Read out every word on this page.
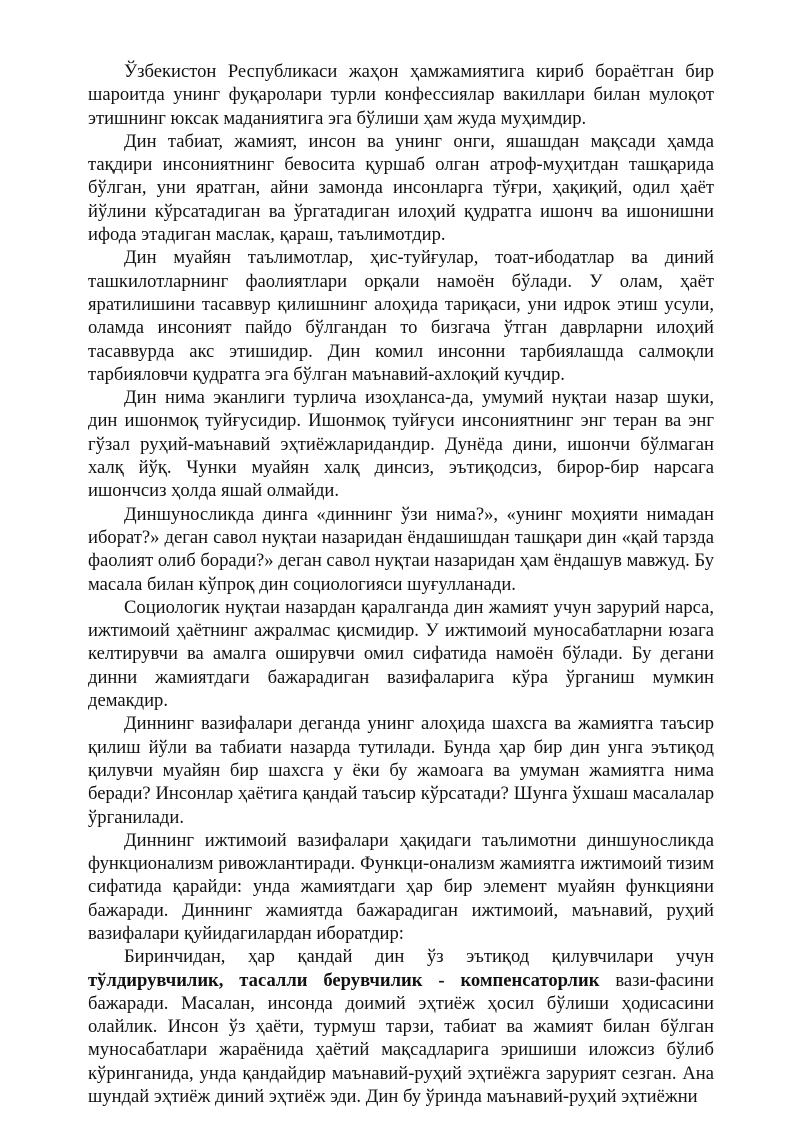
Ўзбекистон Республикаси жаҳон ҳамжамиятига кириб бораётган бир шароитда унинг фуқаролари турли конфессиялар вакиллари билан мулоқот этишнинг юксак маданиятига эга бўлиши ҳам жуда муҳимдир.

Дин табиат, жамият, инсон ва унинг онги, яшашдан мақсади ҳамда тақдири инсониятнинг бевосита қуршаб олган атроф-муҳитдан ташқарида бўлган, уни яратган, айни замонда инсонларга тўғри, ҳақиқий, одил ҳаёт йўлини кўрсатадиган ва ўргатадиган илоҳий қудратга ишонч ва ишонишни ифода этадиган маслак, қараш, таълимотдир.

Дин муайян таълимотлар, ҳис-туйғулар, тоат-ибодатлар ва диний ташкилотларнинг фаолиятлари орқали намоён бўлади. У олам, ҳаёт яратилишини тасаввур қилишнинг алоҳида тариқаси, уни идрок этиш усули, оламда инсоният пайдо бўлгандан то бизгача ўтган даврларни илоҳий тасаввурда акс этишидир. Дин комил инсонни тарбиялашда салмоқли тарбияловчи қудратга эга бўлган маънавий-ахлоқий кучдир.

Дин нима эканлиги турлича изоҳланса-да, умумий нуқтаи назар шуки, дин ишонмоқ туйғусидир. Ишонмоқ туйғуси инсониятнинг энг теран ва энг гўзал руҳий-маънавий эҳтиёжларидандир. Дунёда дини, ишончи бўлмаган халқ йўқ. Чунки муайян халқ динсиз, эътиқодсиз, бирор-бир нарсага ишончсиз ҳолда яшай олмайди.

Диншуносликда динга «диннинг ўзи нима?», «унинг моҳияти нимадан иборат?» деган савол нуқтаи назаридан ёндашишдан ташқари дин «қай тарзда фаолият олиб боради?» деган савол нуқтаи назаридан ҳам ёндашув мавжуд. Бу масала билан кўпроқ дин социологияси шуғулланади.

Социологик нуқтаи назардан қаралганда дин жамият учун зарурий нарса, ижтимоий ҳаётнинг ажралмас қисмидир. У ижтимоий муносабатларни юзага келтирувчи ва амалга оширувчи омил сифатида намоён бўлади. Бу дегани динни жамиятдаги бажарадиган вазифаларига кўра ўрганиш мумкин демакдир.

Диннинг вазифалари деганда унинг алоҳида шахсга ва жамиятга таъсир қилиш йўли ва табиати назарда тутилади. Бунда ҳар бир дин унга эътиқод қилувчи муайян бир шахсга у ёки бу жамоага ва умуман жамиятга нима беради? Инсонлар ҳаётига қандай таъсир кўрсатади? Шунга ўхшаш масалалар ўрганилади.

Диннинг ижтимоий вазифалари ҳақидаги таълимотни диншуносликда функционализм ривожлантиради. Функци-онализм жамиятга ижтимоий тизим сифатида қарайди: унда жамиятдаги ҳар бир элемент муайян функцияни бажаради. Диннинг жамиятда бажарадиган ижтимоий, маънавий, руҳий вазифалари қуйидагилардан иборатдир:

Биринчидан, ҳар қандай дин ўз эътиқод қилувчилари учун тўлдирувчилик, тасалли берувчилик - компенсаторлик вази-фасини бажаради. Масалан, инсонда доимий эҳтиёж ҳосил бўлиши ҳодисасини олайлик. Инсон ўз ҳаёти, турмуш тарзи, табиат ва жамият билан бўлган муносабатлари жараёнида ҳаётий мақсадларига эришиши иложсиз бўлиб кўринганида, унда қандайдир маънавий-руҳий эҳтиёжга зарурият сезган. Ана шундай эҳтиёж диний эҳтиёж эди. Дин бу ўринда маънавий-руҳий эҳтиёжни
